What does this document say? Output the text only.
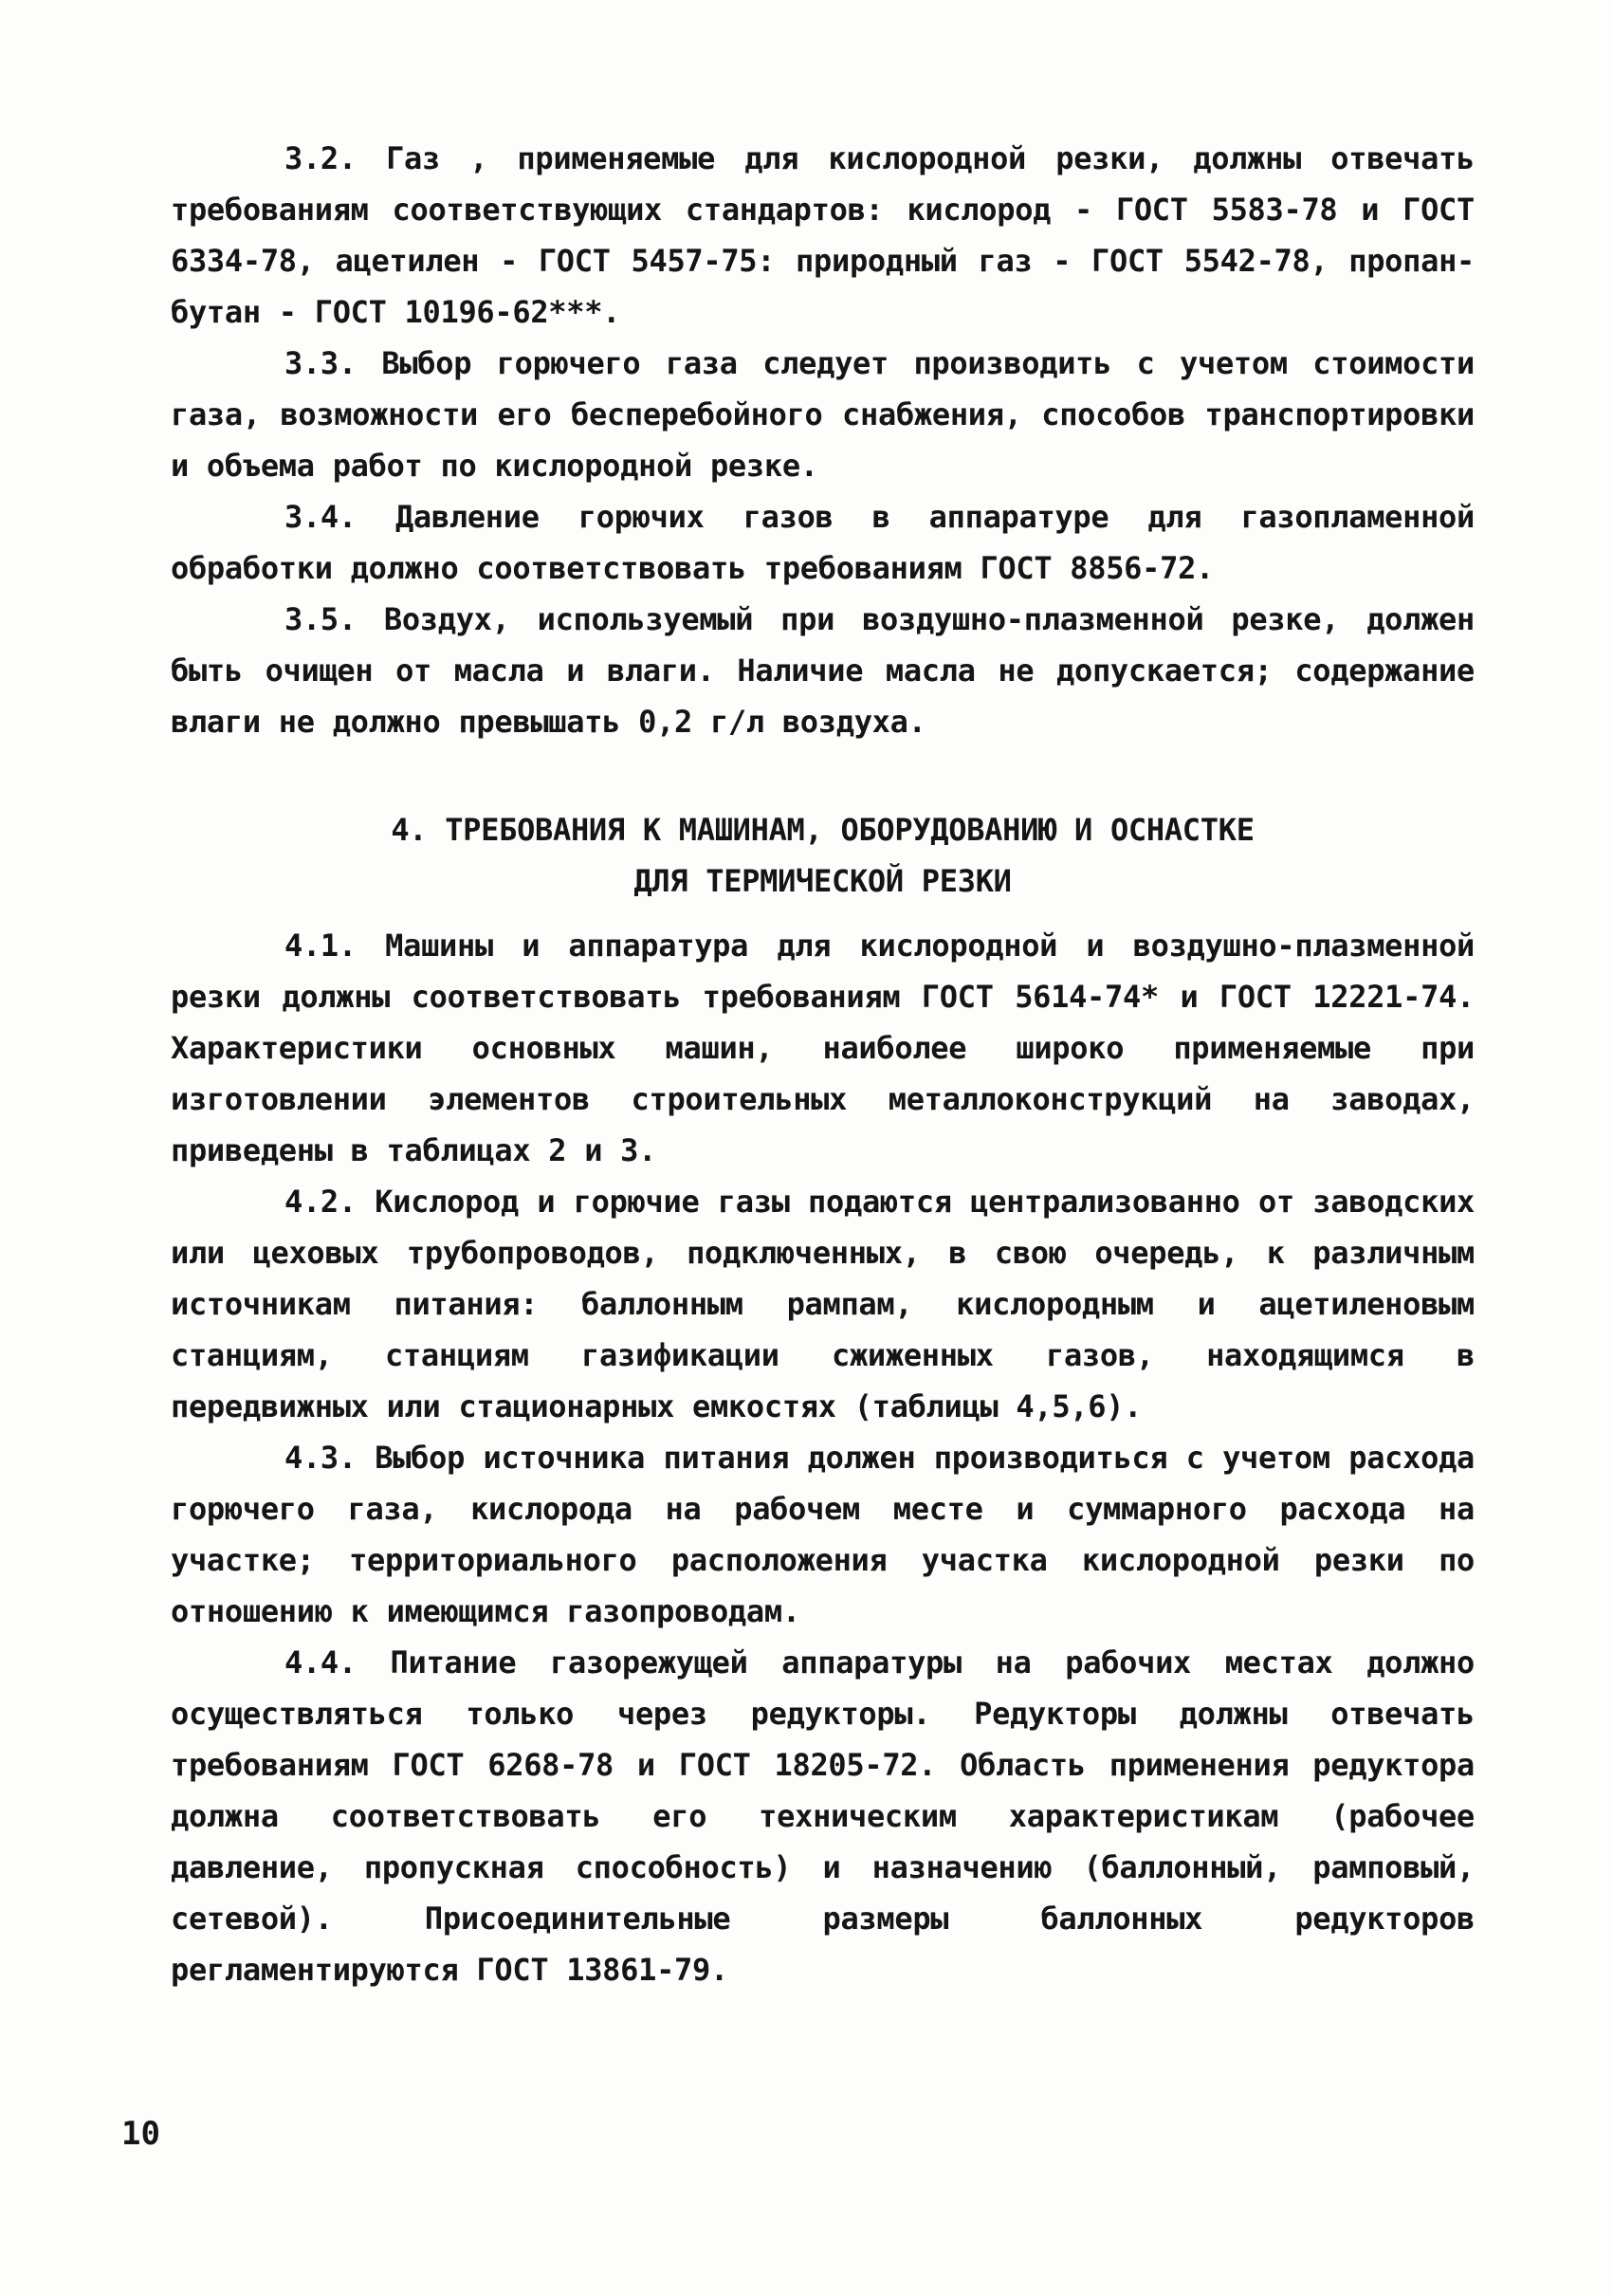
3.2. Газ , применяемые для кислородной резки, должны отвечать требованиям соответствующих стандартов: кислород - ГОСТ 5583-78 и ГОСТ 6334-78, ацетилен - ГОСТ 5457-75: природный газ - ГОСТ 5542-78, пропан-бутан - ГОСТ 10196-62***.

3.3. Выбор горючего газа следует производить с учетом стоимости газа, возможности его бесперебойного снабжения, способов транспортировки и объема работ по кислородной резке.

3.4. Давление горючих газов в аппаратуре для газопламенной обработки должно соответствовать требованиям ГОСТ 8856-72.

3.5. Воздух, используемый при воздушно-плазменной резке, должен быть очищен от масла и влаги. Наличие масла не допускается; содержание влаги не должно превышать 0,2 г/л воздуха.

4. ТРЕБОВАНИЯ К МАШИНАМ, ОБОРУДОВАНИЮ И ОСНАСТКЕ
ДЛЯ ТЕРМИЧЕСКОЙ РЕЗКИ

4.1. Машины и аппаратура для кислородной и воздушно-плазменной резки должны соответствовать требованиям ГОСТ 5614-74* и ГОСТ 12221-74. Характеристики основных машин, наиболее широко применяемые при изготовлении элементов строительных металлоконструкций на заводах, приведены в таблицах 2 и 3.

4.2. Кислород и горючие газы подаются централизованно от заводских или цеховых трубопроводов, подключенных, в свою очередь, к различным источникам питания: баллонным рампам, кислородным и ацетиленовым станциям, станциям газификации сжиженных газов, находящимся в передвижных или стационарных емкостях (таблицы 4,5,6).

4.3. Выбор источника питания должен производиться с учетом расхода горючего газа, кислорода на рабочем месте и суммарного расхода на участке; территориального расположения участка кислородной резки по отношению к имеющимся газопроводам.

4.4. Питание газорежущей аппаратуры на рабочих местах должно осуществляться только через редукторы. Редукторы должны отвечать требованиям ГОСТ 6268-78 и ГОСТ 18205-72. Область применения редуктора должна соответствовать его техническим характеристикам (рабочее давление, пропускная способность) и назначению (баллонный, рамповый, сетевой). Присоединительные размеры баллонных редукторов регламентируются ГОСТ 13861-79.

10
